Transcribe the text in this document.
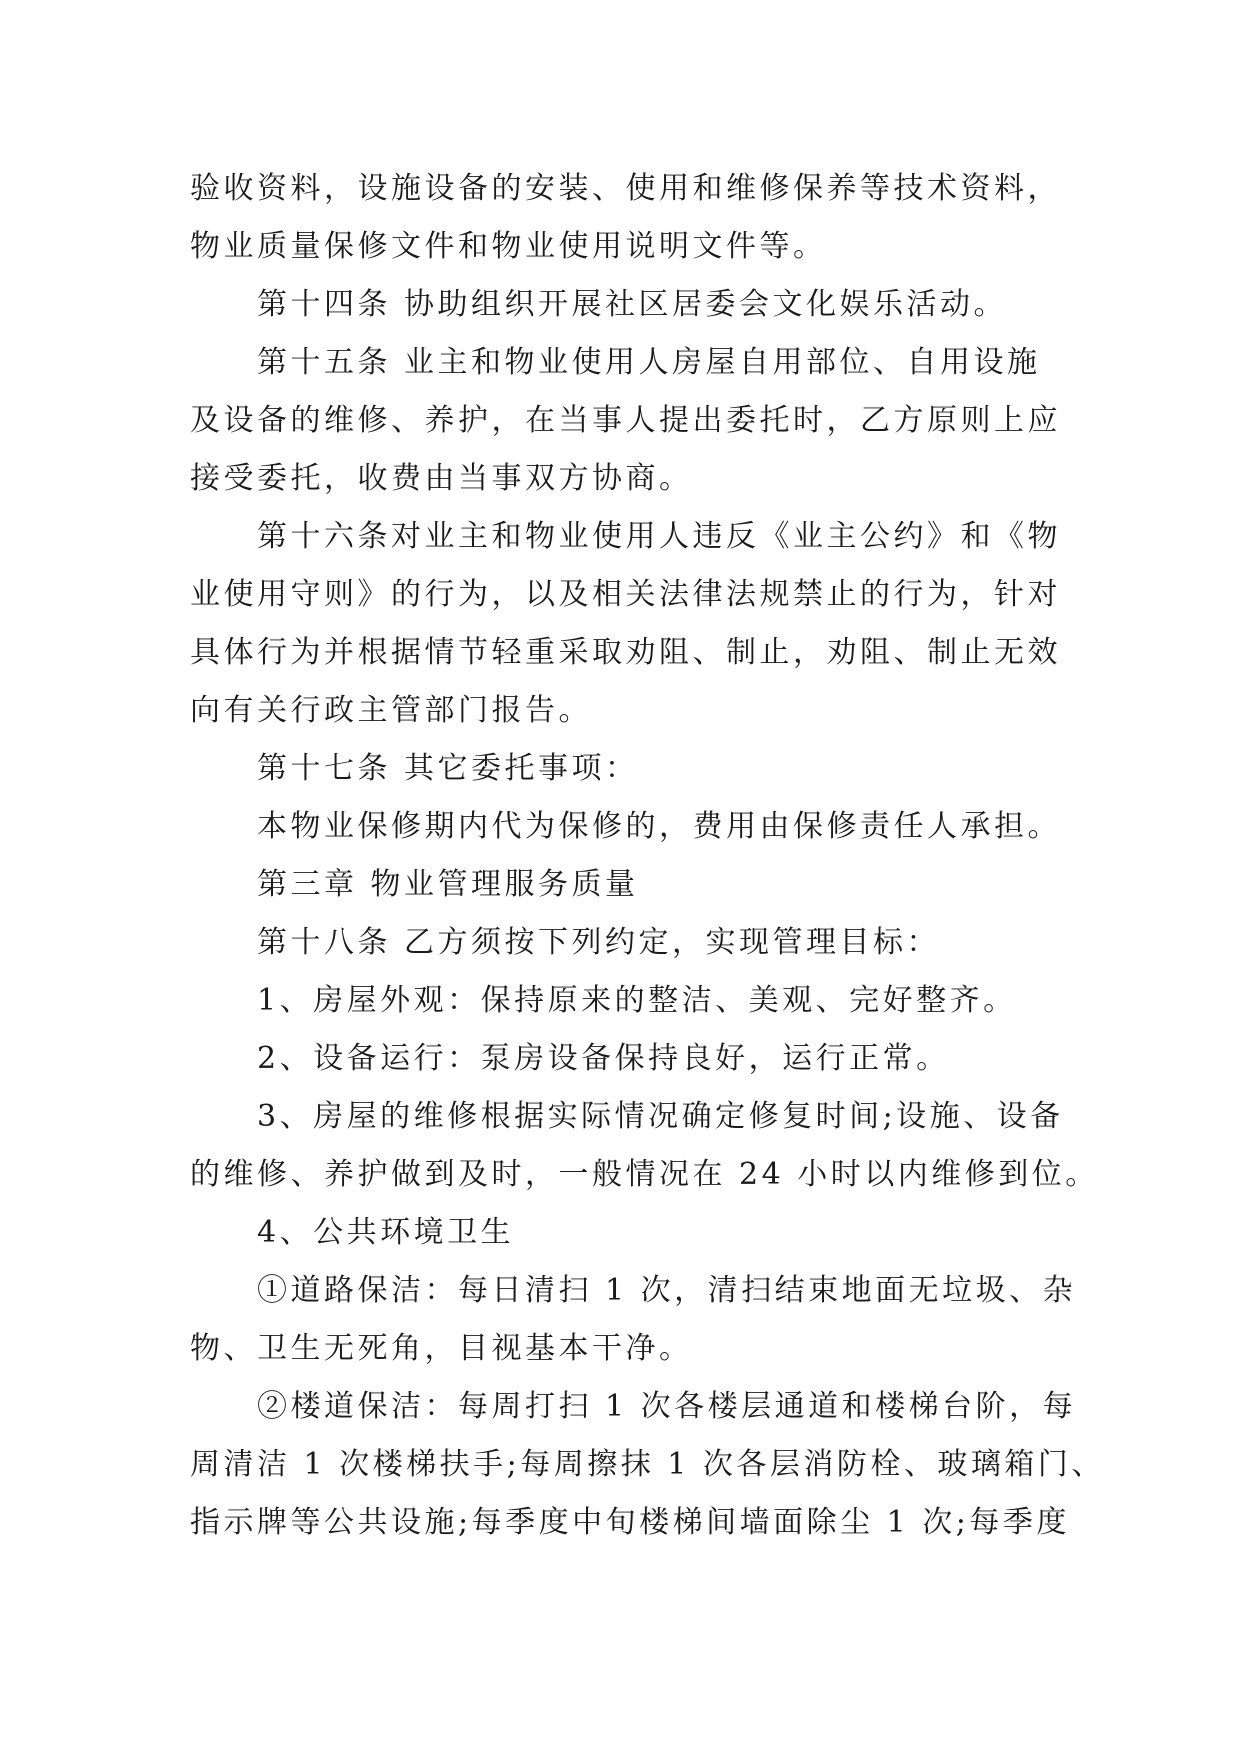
验收资料，设施设备的安装、使用和维修保养等技术资料，
物业质量保修文件和物业使用说明文件等。
第十四条 协助组织开展社区居委会文化娱乐活动。
第十五条 业主和物业使用人房屋自用部位、自用设施
及设备的维修、养护，在当事人提出委托时，乙方原则上应
接受委托，收费由当事双方协商。
第十六条对业主和物业使用人违反《业主公约》和《物
业使用守则》的行为，以及相关法律法规禁止的行为，针对
具体行为并根据情节轻重采取劝阻、制止，劝阻、制止无效
向有关行政主管部门报告。
第十七条 其它委托事项：
本物业保修期内代为保修的，费用由保修责任人承担。
第三章 物业管理服务质量
第十八条 乙方须按下列约定，实现管理目标：
1、房屋外观：保持原来的整洁、美观、完好整齐。
2、设备运行：泵房设备保持良好，运行正常。
3、房屋的维修根据实际情况确定修复时间;设施、设备
的维修、养护做到及时，一般情况在 24 小时以内维修到位。
4、公共环境卫生
①道路保洁：每日清扫 1 次，清扫结束地面无垃圾、杂
物、卫生无死角，目视基本干净。
②楼道保洁：每周打扫 1 次各楼层通道和楼梯台阶，每
周清洁 1 次楼梯扶手;每周擦抹 1 次各层消防栓、玻璃箱门、
指示牌等公共设施;每季度中旬楼梯间墙面除尘 1 次;每季度
